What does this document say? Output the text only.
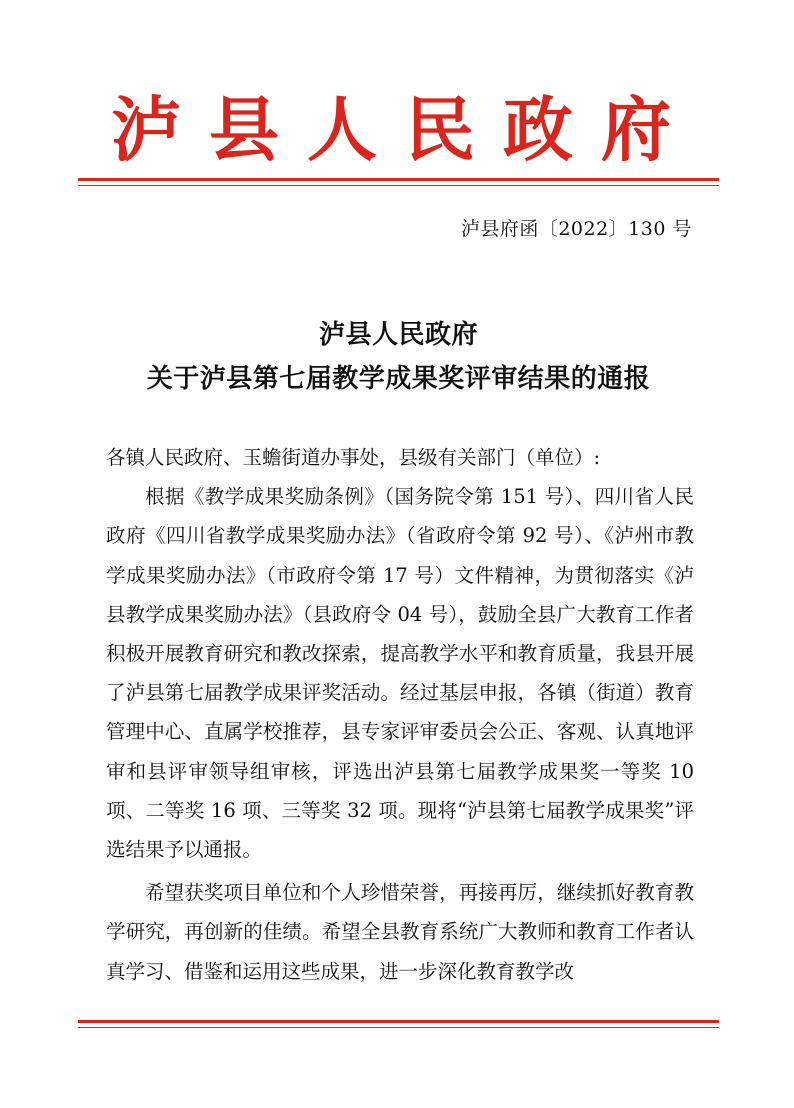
泸县人民政府
泸县府函〔2022〕130 号
泸县人民政府
关于泸县第七届教学成果奖评审结果的通报

各镇人民政府、玉蟾街道办事处，县级有关部门（单位）:

根据《教学成果奖励条例》（国务院令第 151 号）、四川省人民政府《四川省教学成果奖励办法》（省政府令第 92 号）、《泸州市教学成果奖励办法》（市政府令第 17 号）文件精神，为贯彻落实《泸县教学成果奖励办法》（县政府令 04 号），鼓励全县广大教育工作者积极开展教育研究和教改探索，提高教学水平和教育质量，我县开展了泸县第七届教学成果评奖活动。经过基层申报，各镇（街道）教育管理中心、直属学校推荐，县专家评审委员会公正、客观、认真地评审和县评审领导组审核，评选出泸县第七届教学成果奖一等奖 10 项、二等奖 16 项、三等奖 32 项。现将“泸县第七届教学成果奖”评选结果予以通报。

希望获奖项目单位和个人珍惜荣誉，再接再厉，继续抓好教育教学研究，再创新的佳绩。希望全县教育系统广大教师和教育工作者认真学习、借鉴和运用这些成果，进一步深化教育教学改
